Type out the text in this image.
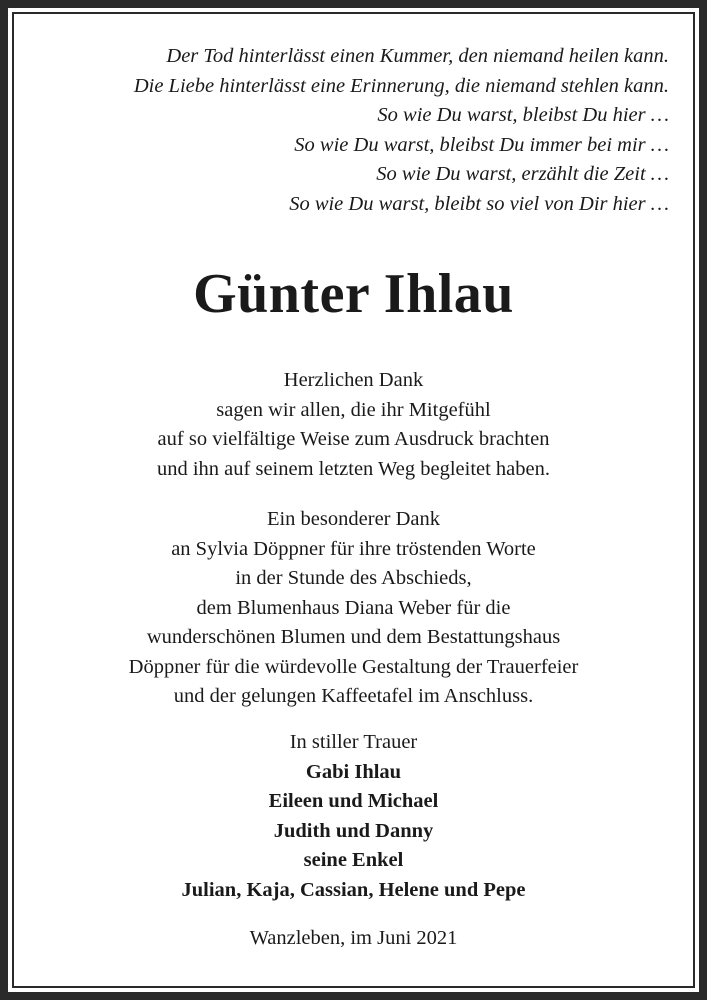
Der Tod hinterlässt einen Kummer, den niemand heilen kann.
Die Liebe hinterlässt eine Erinnerung, die niemand stehlen kann.
So wie Du warst, bleibst Du hier …
So wie Du warst, bleibst Du immer bei mir …
So wie Du warst, erzählt die Zeit …
So wie Du warst, bleibt so viel von Dir hier …
Günter Ihlau
Herzlichen Dank
sagen wir allen, die ihr Mitgefühl
auf so vielfältige Weise zum Ausdruck brachten
und ihn auf seinem letzten Weg begleitet haben.
Ein besonderer Dank
an Sylvia Döppner für ihre tröstenden Worte
in der Stunde des Abschieds,
dem Blumenhaus Diana Weber für die
wunderschönen Blumen und dem Bestattungshaus
Döppner für die würdevolle Gestaltung der Trauerfeier
und der gelungen Kaffeetafel im Anschluss.
In stiller Trauer
Gabi Ihlau
Eileen und Michael
Judith und Danny
seine Enkel
Julian, Kaja, Cassian, Helene und Pepe
Wanzleben, im Juni 2021
